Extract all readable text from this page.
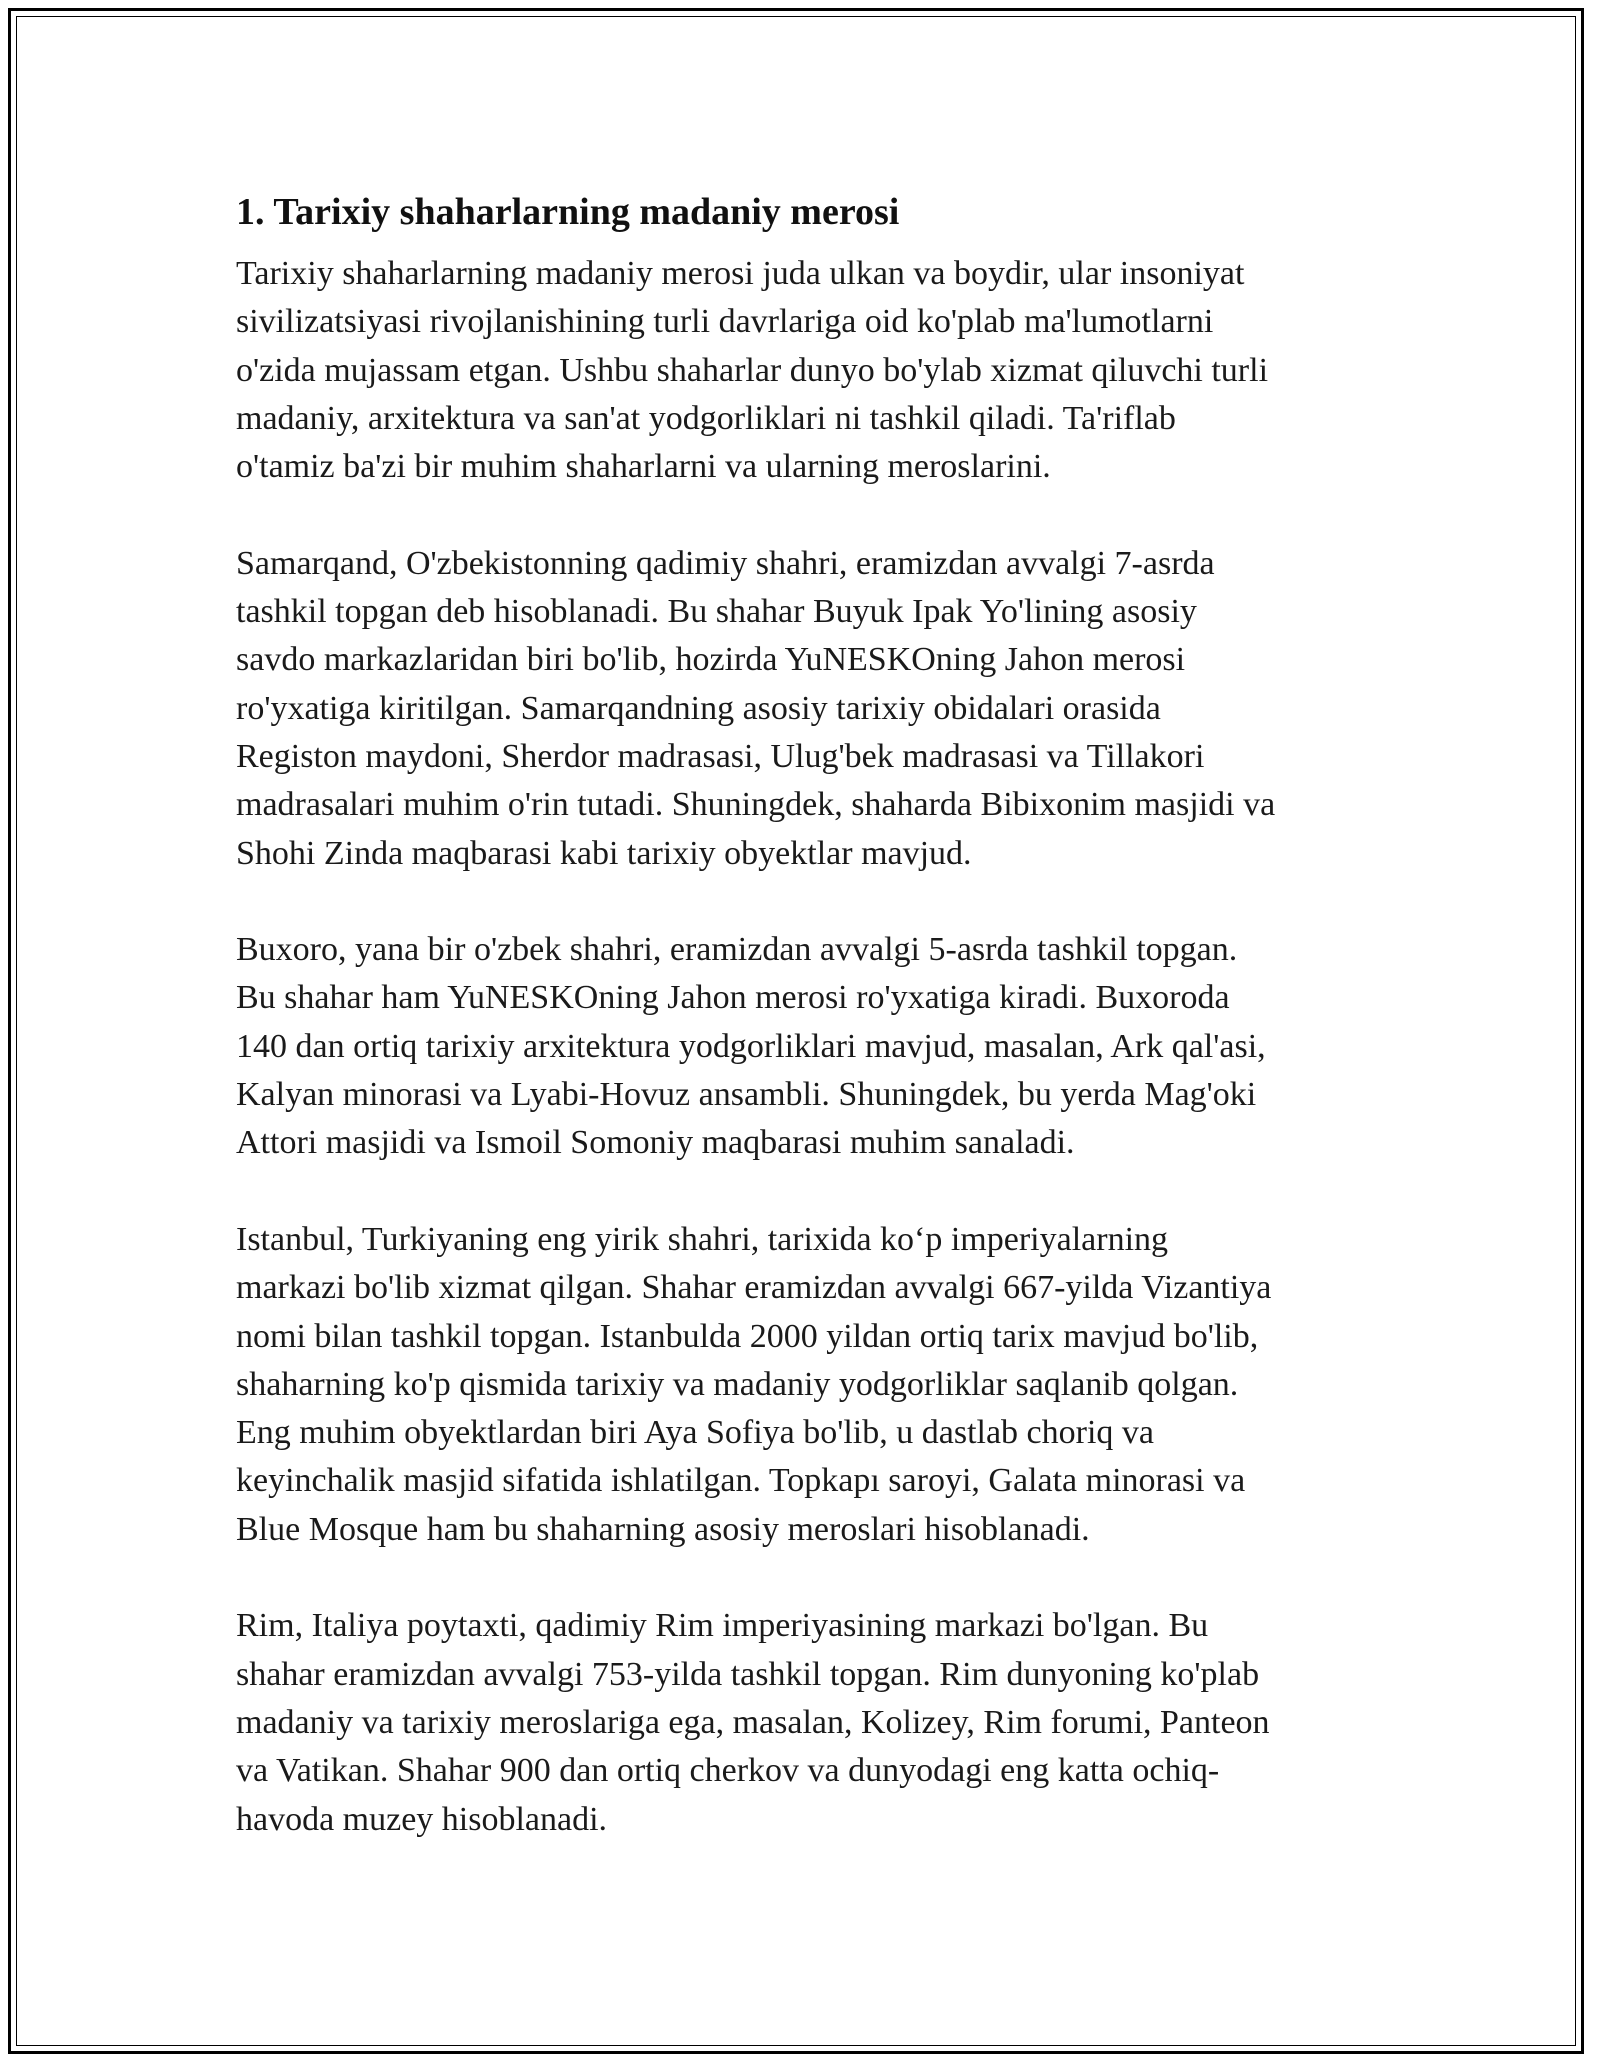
1. Tarixiy shaharlarning madaniy merosi

Tarixiy shaharlarning madaniy merosi juda ulkan va boydir, ular insoniyat
sivilizatsiyasi rivojlanishining turli davrlariga oid ko'plab ma'lumotlarni
o'zida mujassam etgan. Ushbu shaharlar dunyo bo'ylab xizmat qiluvchi turli
madaniy, arxitektura va san'at yodgorliklari ni tashkil qiladi. Ta'riflab
o'tamiz ba'zi bir muhim shaharlarni va ularning meroslarini.

Samarqand, O'zbekistonning qadimiy shahri, eramizdan avvalgi 7-asrda
tashkil topgan deb hisoblanadi. Bu shahar Buyuk Ipak Yo'lining asosiy
savdo markazlaridan biri bo'lib, hozirda YuNESKOning Jahon merosi
ro'yxatiga kiritilgan. Samarqandning asosiy tarixiy obidalari orasida
Registon maydoni, Sherdor madrasasi, Ulug'bek madrasasi va Tillakori
madrasalari muhim o'rin tutadi. Shuningdek, shaharda Bibixonim masjidi va
Shohi Zinda maqbarasi kabi tarixiy obyektlar mavjud.

Buxoro, yana bir o'zbek shahri, eramizdan avvalgi 5-asrda tashkil topgan.
Bu shahar ham YuNESKOning Jahon merosi ro'yxatiga kiradi. Buxoroda
140 dan ortiq tarixiy arxitektura yodgorliklari mavjud, masalan, Ark qal'asi,
Kalyan minorasi va Lyabi-Hovuz ansambli. Shuningdek, bu yerda Mag'oki
Attori masjidi va Ismoil Somoniy maqbarasi muhim sanaladi.

Istanbul, Turkiyaning eng yirik shahri, tarixida ko‘p imperiyalarning
markazi bo'lib xizmat qilgan. Shahar eramizdan avvalgi 667-yilda Vizantiya
nomi bilan tashkil topgan. Istanbulda 2000 yildan ortiq tarix mavjud bo'lib,
shaharning ko'p qismida tarixiy va madaniy yodgorliklar saqlanib qolgan.
Eng muhim obyektlardan biri Aya Sofiya bo'lib, u dastlab choriq va
keyinchalik masjid sifatida ishlatilgan. Topkapı saroyi, Galata minorasi va
Blue Mosque ham bu shaharning asosiy meroslari hisoblanadi.

Rim, Italiya poytaxti, qadimiy Rim imperiyasining markazi bo'lgan. Bu
shahar eramizdan avvalgi 753-yilda tashkil topgan. Rim dunyoning ko'plab
madaniy va tarixiy meroslariga ega, masalan, Kolizey, Rim forumi, Panteon
va Vatikan. Shahar 900 dan ortiq cherkov va dunyodagi eng katta ochiq-
havoda muzey hisoblanadi.
